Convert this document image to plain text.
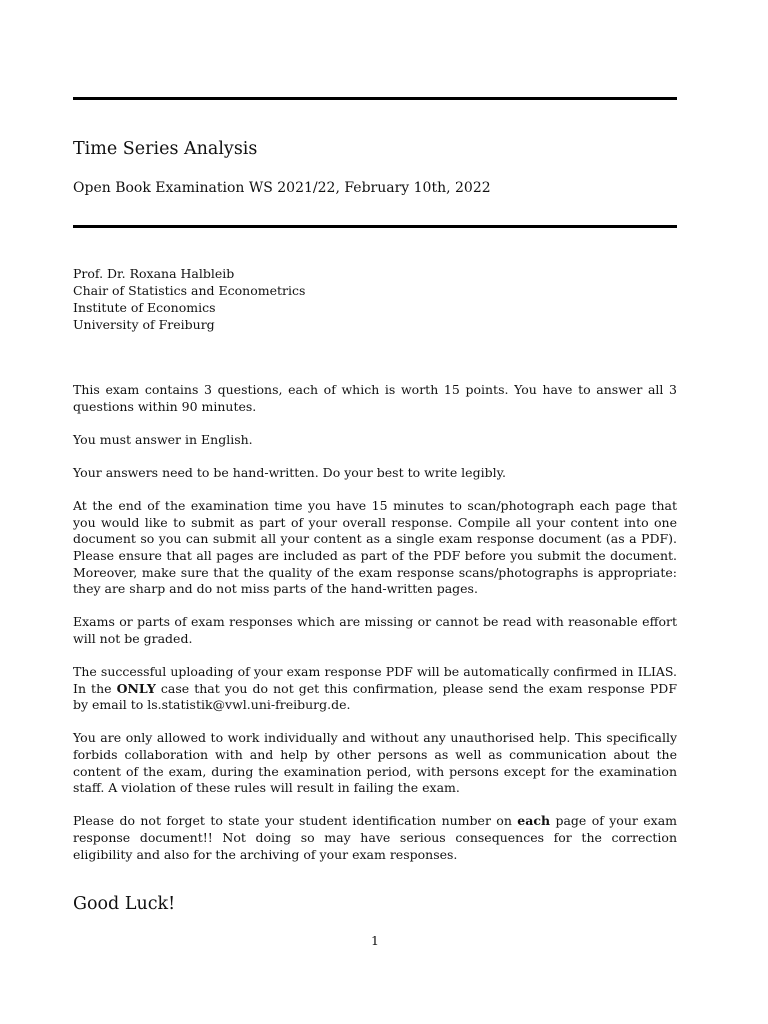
Time Series Analysis
Open Book Examination WS 2021/22, February 10th, 2022
Prof. Dr. Roxana Halbleib
Chair of Statistics and Econometrics
Institute of Economics
University of Freiburg

This exam contains 3 questions, each of which is worth 15 points. You have to answer all 3 questions within 90 minutes.

You must answer in English.

Your answers need to be hand-written. Do your best to write legibly.

At the end of the examination time you have 15 minutes to scan/photograph each page that you would like to submit as part of your overall response. Compile all your content into one document so you can submit all your content as a single exam response document (as a PDF). Please ensure that all pages are included as part of the PDF before you submit the document. Moreover, make sure that the quality of the exam response scans/photographs is appropriate: they are sharp and do not miss parts of the hand-written pages.

Exams or parts of exam responses which are missing or cannot be read with reasonable effort will not be graded.

The successful uploading of your exam response PDF will be automatically confirmed in ILIAS. In the ONLY case that you do not get this confirmation, please send the exam response PDF by email to ls.statistik@vwl.uni-freiburg.de.

You are only allowed to work individually and without any unauthorised help. This specifically forbids collaboration with and help by other persons as well as communication about the content of the exam, during the examination period, with persons except for the examination staff. A violation of these rules will result in failing the exam.

Please do not forget to state your student identification number on each page of your exam response document!! Not doing so may have serious consequences for the correction eligibility and also for the archiving of your exam responses.

Good Luck!
1
